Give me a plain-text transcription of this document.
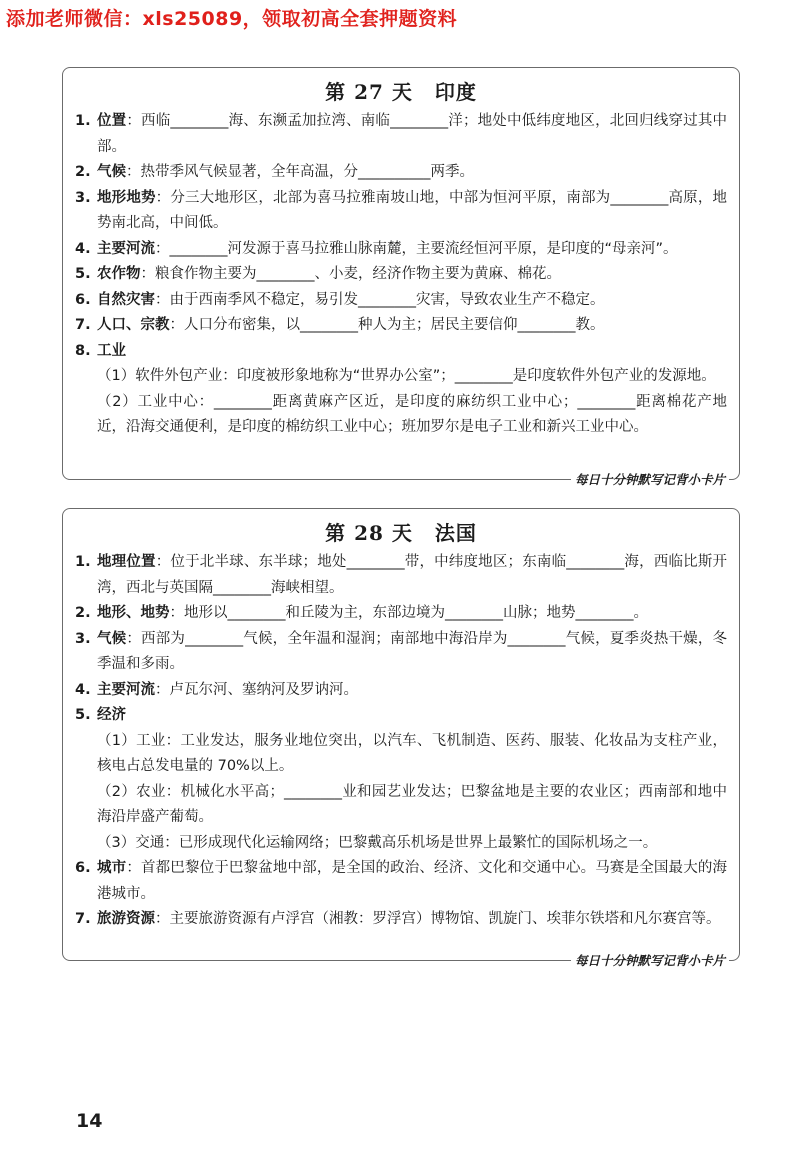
添加老师微信：xls25089，领取初高全套押题资料
第 27 天 印度
1. 位置：西临________海、东濒孟加拉湾、南临________洋；地处中低纬度地区，北回归线穿过其中部。
2. 气候：热带季风气候显著，全年高温，分__________两季。
3. 地形地势：分三大地形区，北部为喜马拉雅南坡山地，中部为恒河平原，南部为________高原，地势南北高，中间低。
4. 主要河流：________河发源于喜马拉雅山脉南麓，主要流经恒河平原，是印度的“母亲河”。
5. 农作物：粮食作物主要为________、小麦，经济作物主要为黄麻、棉花。
6. 自然灾害：由于西南季风不稳定，易引发________灾害，导致农业生产不稳定。
7. 人口、宗教：人口分布密集，以________种人为主；居民主要信仰________教。
8. 工业
（1）软件外包产业：印度被形象地称为“世界办公室”；________是印度软件外包产业的发源地。
（2）工业中心：________距离黄麻产区近，是印度的麻纺织工业中心；________距离棉花产地近，沿海交通便利，是印度的棉纺织工业中心；班加罗尔是电子工业和新兴工业中心。
每日十分钟默写记背小卡片
第 28 天 法国
1. 地理位置：位于北半球、东半球；地处________带，中纬度地区；东南临________海，西临比斯开湾，西北与英国隔________海峡相望。
2. 地形、地势：地形以________和丘陵为主，东部边境为________山脉；地势________。
3. 气候：西部为________气候，全年温和湿润；南部地中海沿岸为________气候，夏季炎热干燥，冬季温和多雨。
4. 主要河流：卢瓦尔河、塞纳河及罗讷河。
5. 经济
（1）工业：工业发达，服务业地位突出，以汽车、飞机制造、医药、服装、化妆品为支柱产业，核电占总发电量的 70%以上。
（2）农业：机械化水平高；________业和园艺业发达；巴黎盆地是主要的农业区；西南部和地中海沿岸盛产葡萄。
（3）交通：已形成现代化运输网络；巴黎戴高乐机场是世界上最繁忙的国际机场之一。
6. 城市：首都巴黎位于巴黎盆地中部，是全国的政治、经济、文化和交通中心。马赛是全国最大的海港城市。
7. 旅游资源：主要旅游资源有卢浮宫（湘教：罗浮宫）博物馆、凯旋门、埃菲尔铁塔和凡尔赛宫等。
每日十分钟默写记背小卡片
14
